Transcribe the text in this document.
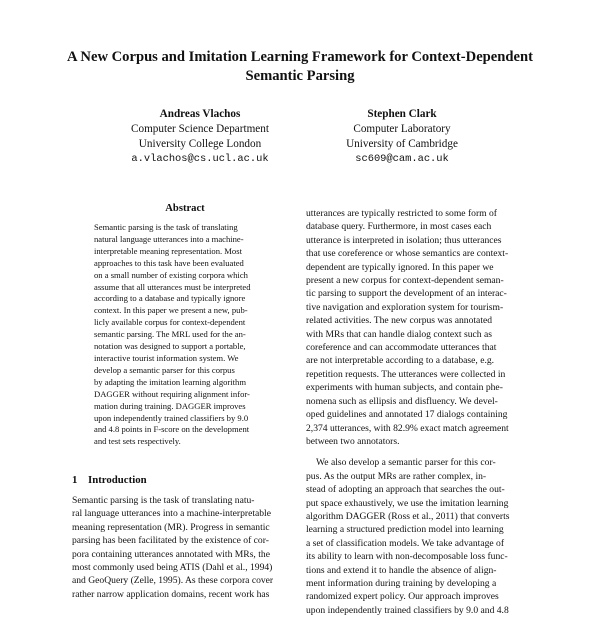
A New Corpus and Imitation Learning Framework for Context-Dependent
Semantic Parsing
Andreas Vlachos
Computer Science Department
University College London
a.vlachos@cs.ucl.ac.uk
Stephen Clark
Computer Laboratory
University of Cambridge
sc609@cam.ac.uk
Abstract

Semantic parsing is the task of translating
natural language utterances into a machine-
interpretable meaning representation. Most
approaches to this task have been evaluated
on a small number of existing corpora which
assume that all utterances must be interpreted
according to a database and typically ignore
context. In this paper we present a new, pub-
licly available corpus for context-dependent
semantic parsing. The MRL used for the an-
notation was designed to support a portable,
interactive tourist information system. We
develop a semantic parser for this corpus
by adapting the imitation learning algorithm
DAGGER without requiring alignment infor-
mation during training. DAGGER improves
upon independently trained classifiers by 9.0
and 4.8 points in F-score on the development
and test sets respectively.

1 Introduction

Semantic parsing is the task of translating natu-
ral language utterances into a machine-interpretable
meaning representation (MR). Progress in semantic
parsing has been facilitated by the existence of cor-
pora containing utterances annotated with MRs, the
most commonly used being ATIS (Dahl et al., 1994)
and GeoQuery (Zelle, 1995). As these corpora cover
rather narrow application domains, recent work has

utterances are typically restricted to some form of
database query. Furthermore, in most cases each
utterance is interpreted in isolation; thus utterances
that use coreference or whose semantics are context-
dependent are typically ignored. In this paper we
present a new corpus for context-dependent seman-
tic parsing to support the development of an interac-
tive navigation and exploration system for tourism-
related activities. The new corpus was annotated
with MRs that can handle dialog context such as
coreference and can accommodate utterances that
are not interpretable according to a database, e.g.
repetition requests. The utterances were collected in
experiments with human subjects, and contain phe-
nomena such as ellipsis and disfluency. We devel-
oped guidelines and annotated 17 dialogs containing
2,374 utterances, with 82.9% exact match agreement
between two annotators.

We also develop a semantic parser for this cor-
pus. As the output MRs are rather complex, in-
stead of adopting an approach that searches the out-
put space exhaustively, we use the imitation learning
algorithm DAGGER (Ross et al., 2011) that converts
learning a structured prediction model into learning
a set of classification models. We take advantage of
its ability to learn with non-decomposable loss func-
tions and extend it to handle the absence of align-
ment information during training by developing a
randomized expert policy. Our approach improves
upon independently trained classifiers by 9.0 and 4.8
